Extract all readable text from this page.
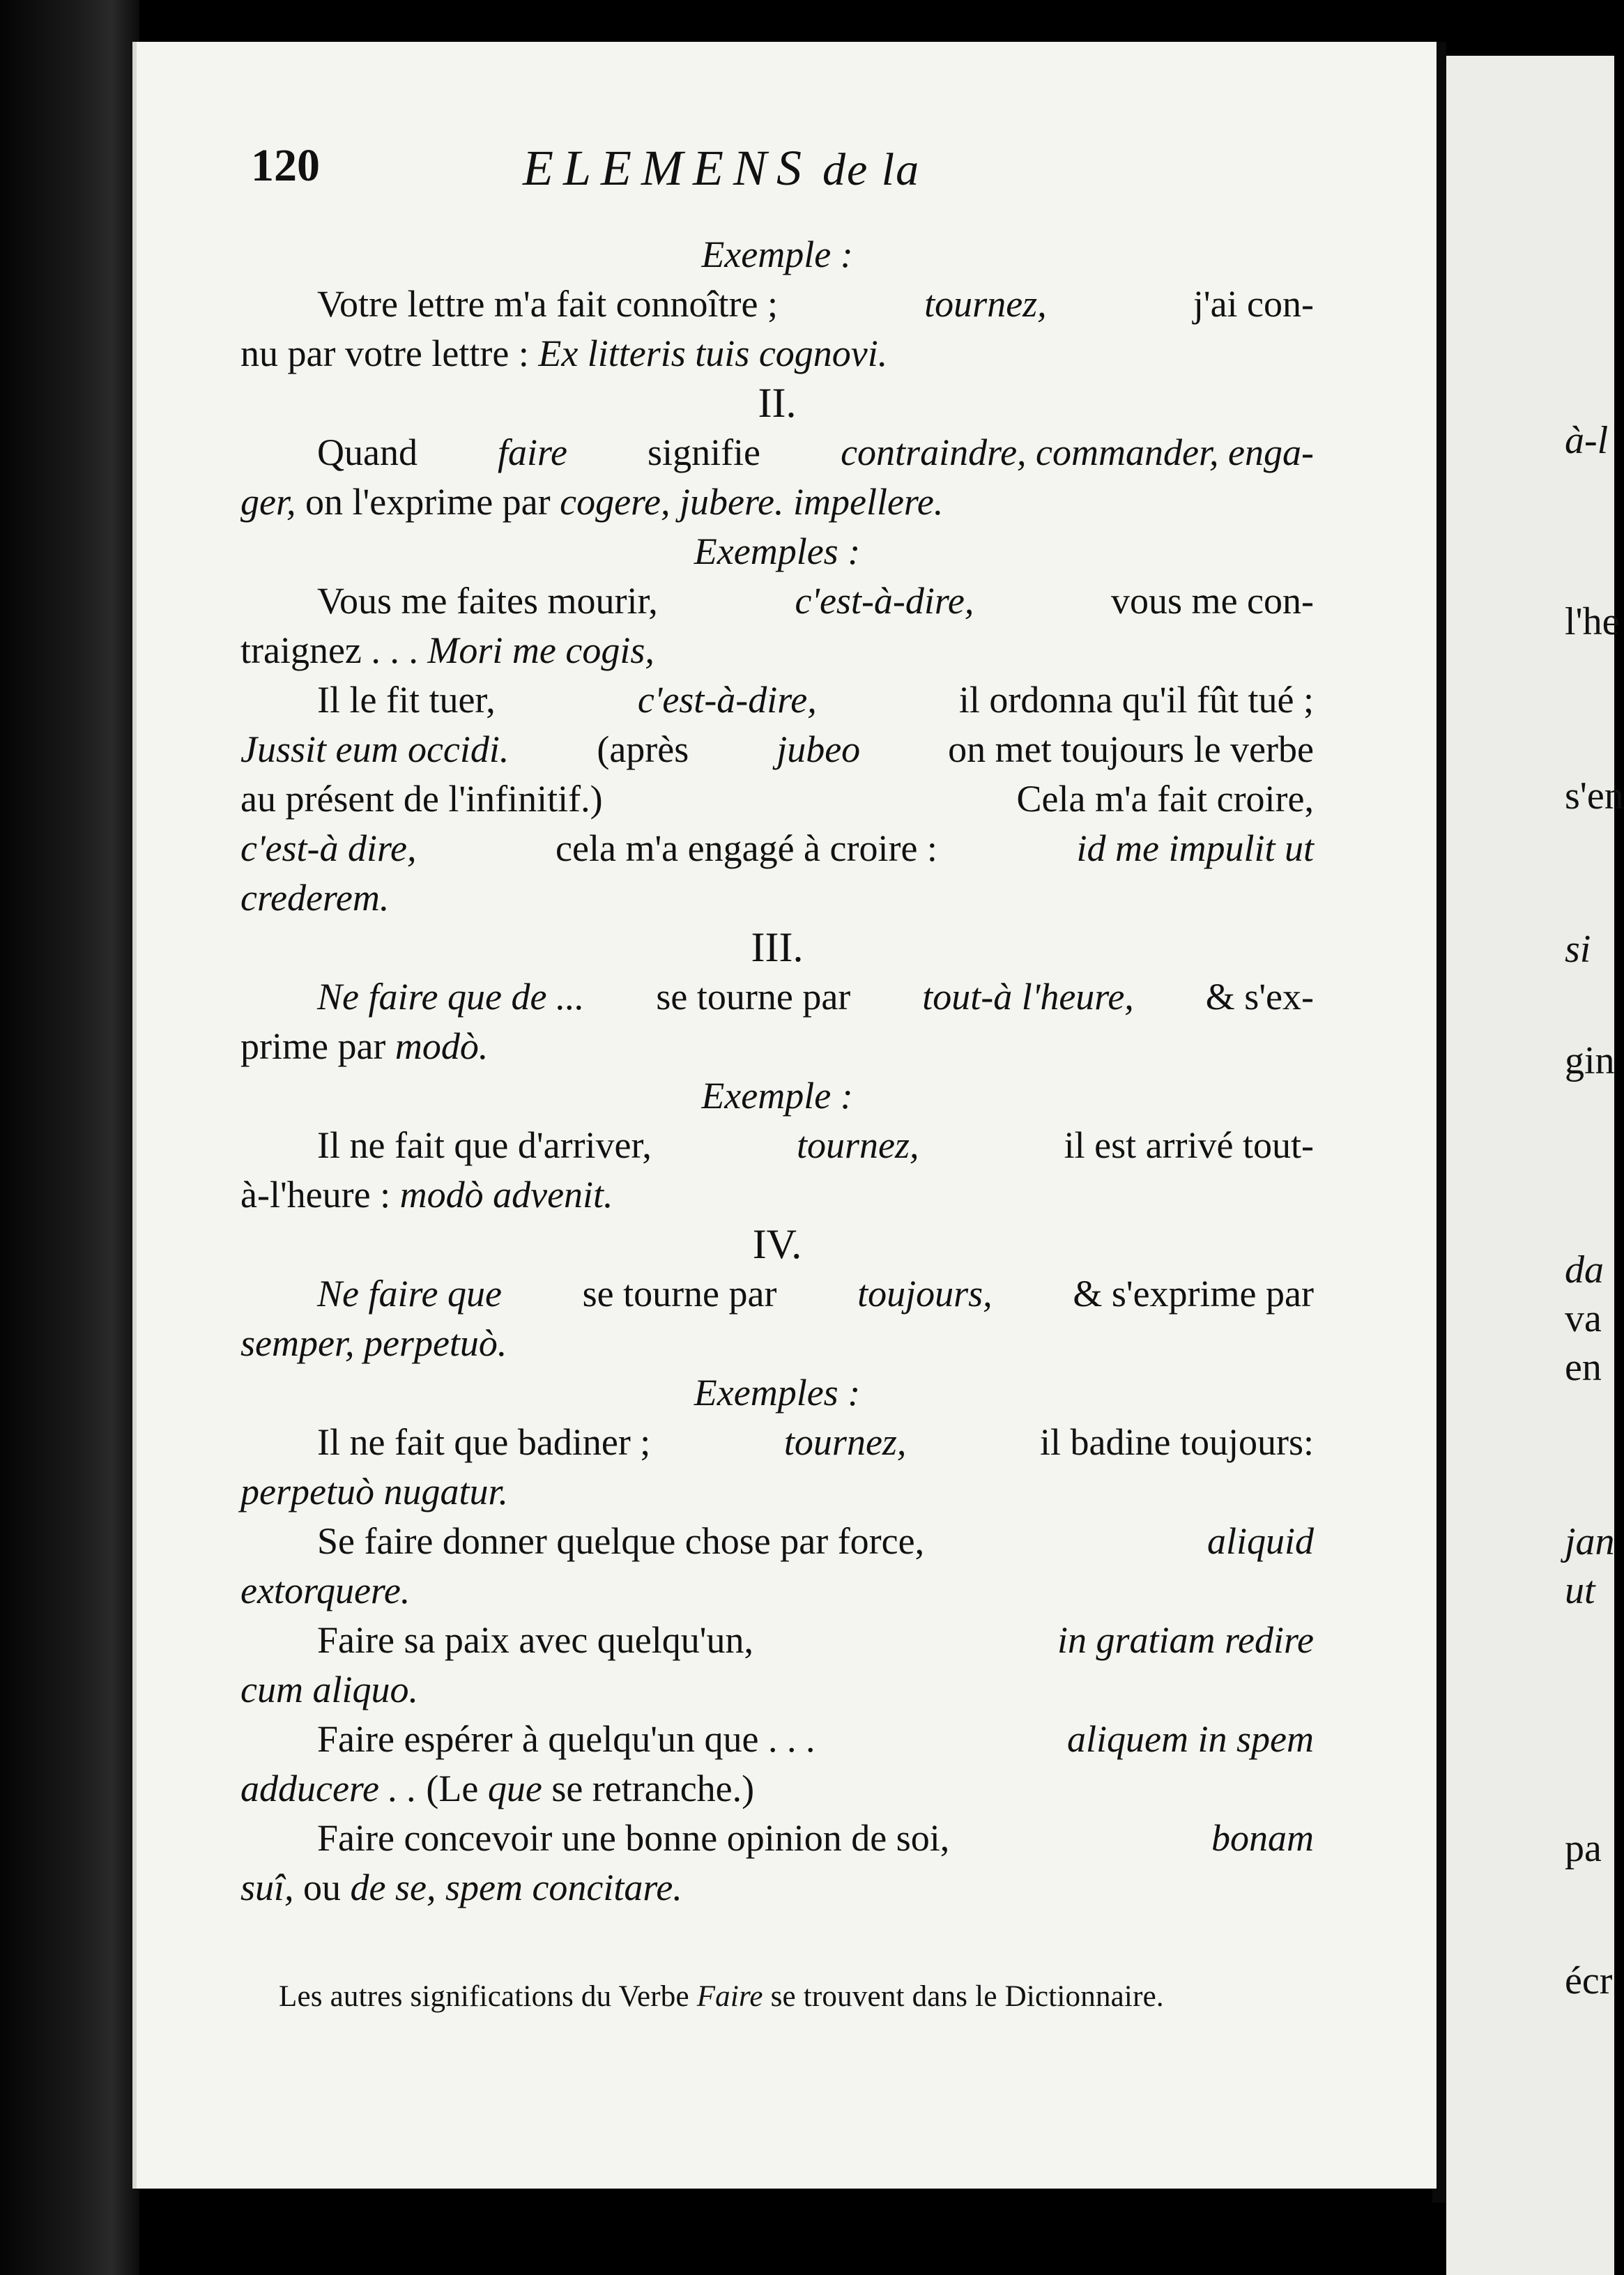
à-l
l'he
s'en
si
gin
da
va
en
jan
ut
pa
écr
120	ELEMENS de la
Exemple :
Votre lettre m'a fait connoître ;	tournez,	j'ai con-
nu par votre lettre :
Ex litteris tuis cognovi.
II.
Quand faire signifie contraindre, commander, enga-
ger,
on l'exprime par
cogere, jubere. impellere.
Exemples :
Vous me faites mourir,	c'est-à-dire,	vous me con-
traignez . . .
Mori me cogis,
Il le fit tuer,	c'est-à-dire,	il ordonna qu'il fût tué ;
Jussit eum occidi. (après jubeo on met toujours le verbe
au présent de l'infinitif.)	Cela m'a fait croire,
c'est-à dire,	cela m'a engagé à croire :	id me impulit ut
crederem.
III.
Ne faire que de ... se tourne par tout-à l'heure, & s'ex-
prime par
modò.
Exemple :
Il ne fait que d'arriver,	tournez,	il est arrivé tout-
à-l'heure :
modò advenit.
IV.
Ne faire que se tourne par toujours, & s'exprime par
semper, perpetuò.
Exemples :
Il ne fait que badiner ;	tournez,	il badine toujours:
perpetuò nugatur.
Se faire donner quelque chose par force,	aliquid
extorquere.
Faire sa paix avec quelqu'un,	in gratiam redire
cum aliquo.
Faire espérer à quelqu'un que . . .	aliquem in spem
adducere . .
(Le
que
se retranche.)
Faire concevoir une bonne opinion de soi,	bonam
suî,
ou
de se, spem concitare.
Les autres significations du Verbe Faire se trouvent dans le Dictionnaire.
